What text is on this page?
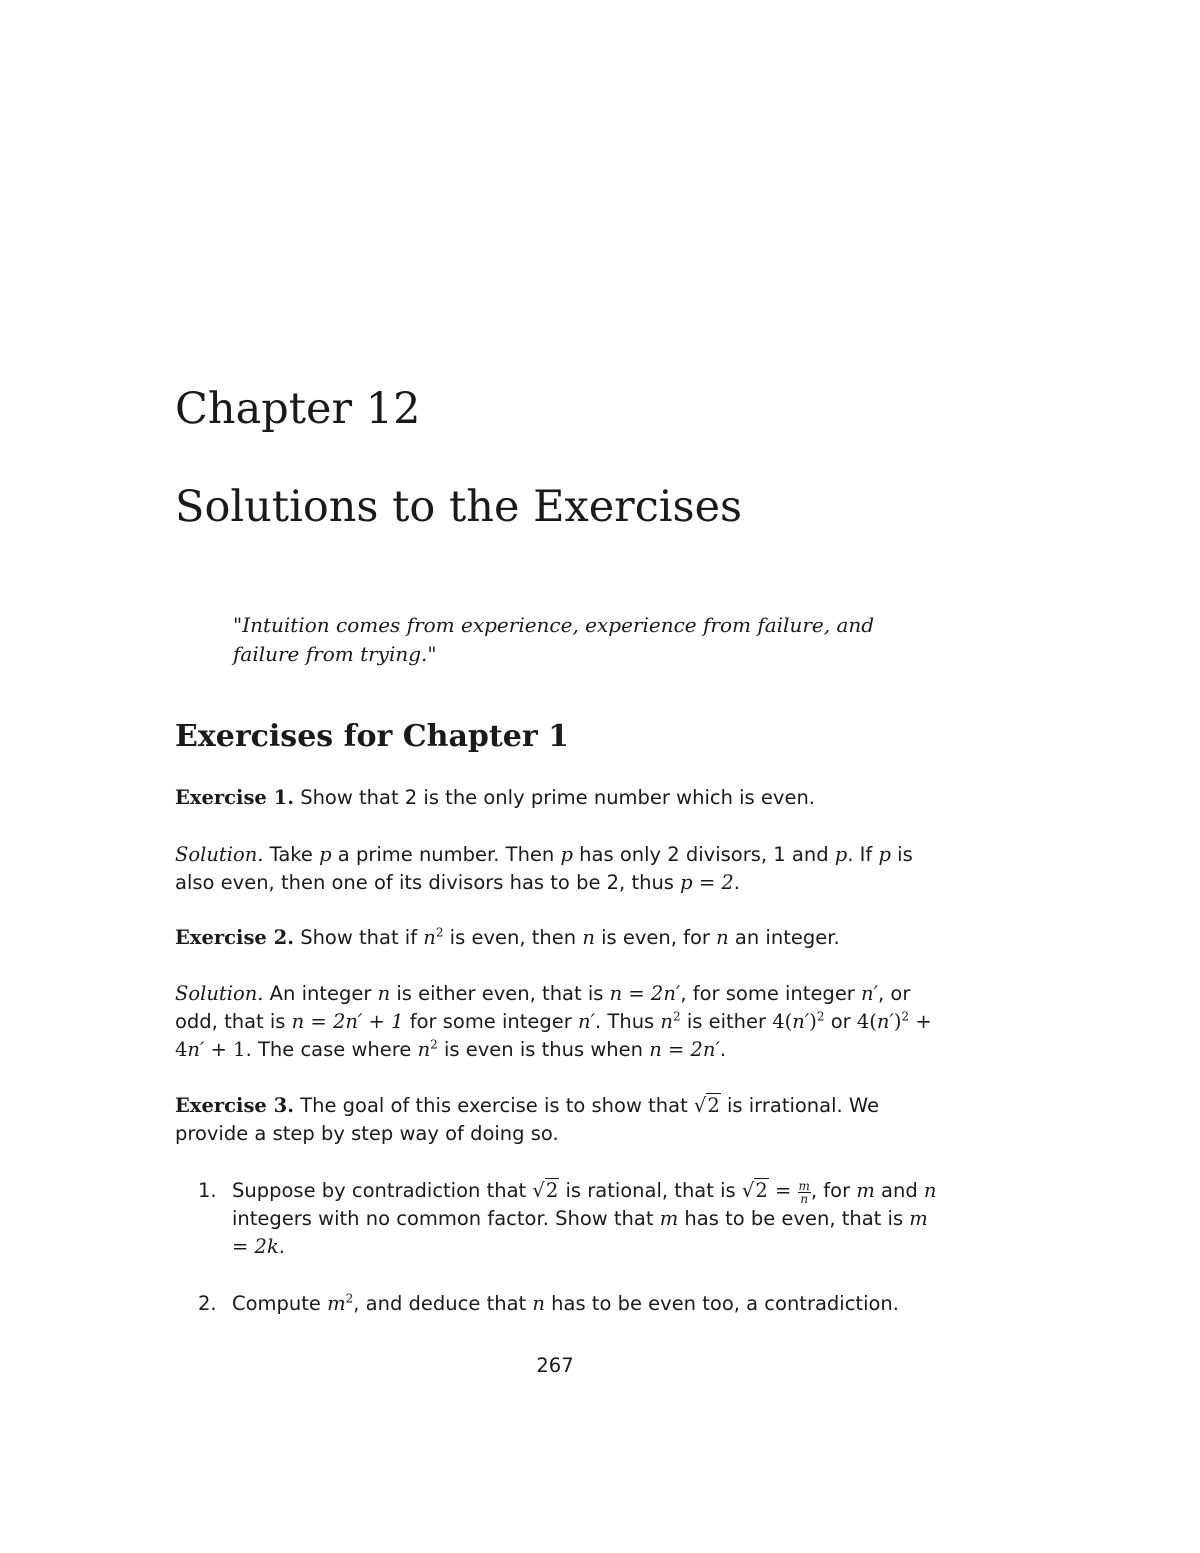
Chapter 12
Solutions to the Exercises
"Intuition comes from experience, experience from failure, and
failure from trying."
Exercises for Chapter 1
Exercise 1. Show that 2 is the only prime number which is even.
Solution. Take p a prime number. Then p has only 2 divisors, 1 and p. If p is also even, then one of its divisors has to be 2, thus p = 2.
Exercise 2. Show that if $n^2$ is even, then n is even, for n an integer.
Solution. An integer n is either even, that is n = 2n′, for some integer n′, or odd, that is n = 2n′ + 1 for some integer n′. Thus $n^2$ is either $4(n')^2$ or $4(n')^2 + 4n' + 1$. The case where $n^2$ is even is thus when n = 2n′.
Exercise 3. The goal of this exercise is to show that √2 is irrational. We provide a step by step way of doing so.
1. Suppose by contradiction that √2 is rational, that is $√2 = \frac{m}{n}$ , for m and n integers with no common factor. Show that m has to be even, that is m = 2k.
2. Compute $m^2$, and deduce that n has to be even too, a contradiction.
267
